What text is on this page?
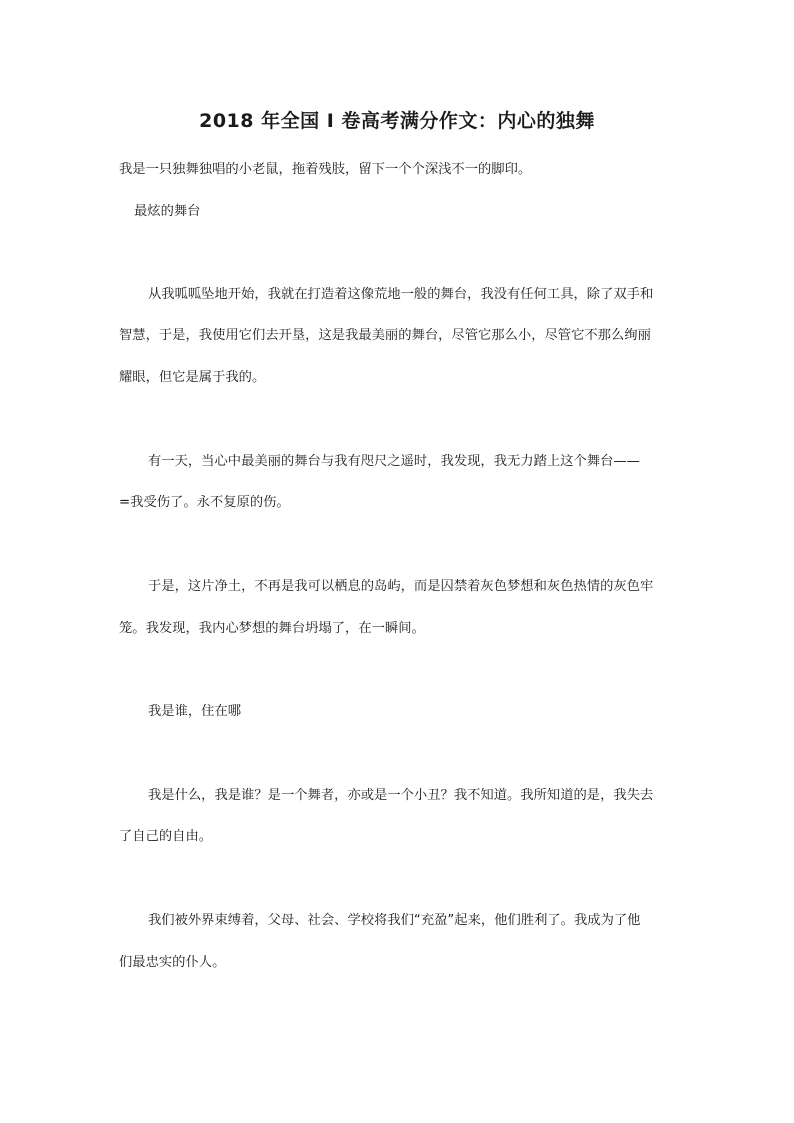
2018 年全国 I 卷高考满分作文：内心的独舞

我是一只独舞独唱的小老鼠，拖着残肢，留下一个个深浅不一的脚印。

最炫的舞台

从我呱呱坠地开始，我就在打造着这像荒地一般的舞台，我没有任何工具，除了双手和

智慧，于是，我使用它们去开垦，这是我最美丽的舞台，尽管它那么小，尽管它不那么绚丽

耀眼，但它是属于我的。

有一天，当心中最美丽的舞台与我有咫尺之遥时，我发现，我无力踏上这个舞台——

=我受伤了。永不复原的伤。

于是，这片净土，不再是我可以栖息的岛屿，而是囚禁着灰色梦想和灰色热情的灰色牢

笼。我发现，我内心梦想的舞台坍塌了，在一瞬间。

我是谁，住在哪

我是什么，我是谁？是一个舞者，亦或是一个小丑？我不知道。我所知道的是，我失去

了自己的自由。

我们被外界束缚着，父母、社会、学校将我们“充盈”起来，他们胜利了。我成为了他

们最忠实的仆人。
